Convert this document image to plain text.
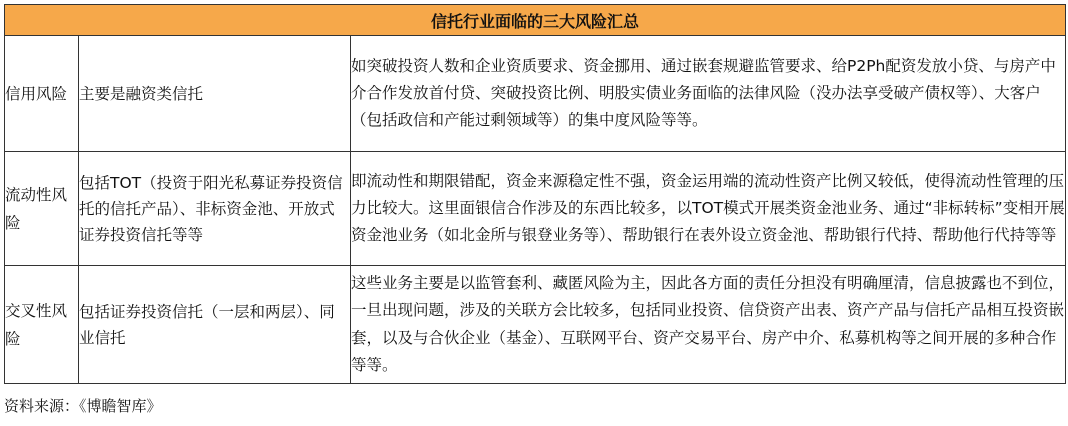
信托行业面临的三大风险汇总		
信用风险	主要是融资类信托	如突破投资人数和企业资质要求、资金挪用、通过嵌套规避监管要求、给P2Ph配资发放小贷、与房产中介合作发放首付贷、突破投资比例、明股实债业务面临的法律风险（没办法享受破产债权等）、大客户（包括政信和产能过剩领域等）的集中度风险等等。
流动性风险	包括TOT（投资于阳光私募证券投资信托的信托产品）、非标资金池、开放式证券投资信托等等	即流动性和期限错配，资金来源稳定性不强，资金运用端的流动性资产比例又较低，使得流动性管理的压力比较大。这里面银信合作涉及的东西比较多，以TOT模式开展类资金池业务、通过“非标转标”变相开展资金池业务（如北金所与银登业务等）、帮助银行在表外设立资金池、帮助银行代持、帮助他行代持等等
交叉性风险	包括证券投资信托（一层和两层）、同业信托	这些业务主要是以监管套利、藏匿风险为主，因此各方面的责任分担没有明确厘清，信息披露也不到位，一旦出现问题，涉及的关联方会比较多，包括同业投资、信贷资产出表、资产产品与信托产品相互投资嵌套，以及与合伙企业（基金）、互联网平台、资产交易平台、房产中介、私募机构等之间开展的多种合作等等。
资料来源：《博瞻智库》
